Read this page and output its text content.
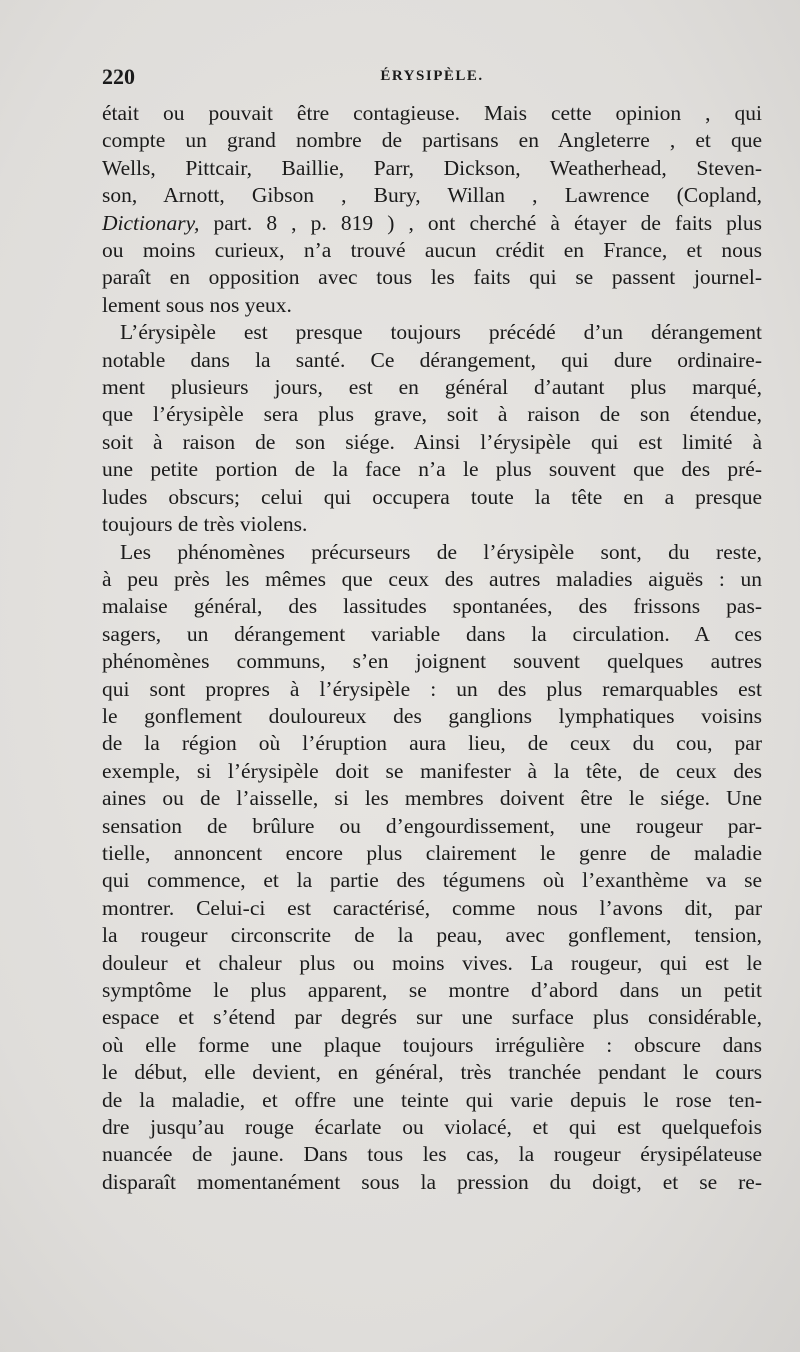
220	ÉRYSIPÈLE.
était ou pouvait être contagieuse. Mais cette opinion , qui
compte un grand nombre de partisans en Angleterre , et que
Wells, Pittcair, Baillie, Parr, Dickson, Weatherhead, Steven-
son, Arnott, Gibson , Bury, Willan , Lawrence (Copland,
Dictionary, part. 8 , p. 819 ) , ont cherché à étayer de faits plus
ou moins curieux, n’a trouvé aucun crédit en France, et nous
paraît en opposition avec tous les faits qui se passent journel-
lement sous nos yeux.
L’érysipèle est presque toujours précédé d’un dérangement
notable dans la santé. Ce dérangement, qui dure ordinaire-
ment plusieurs jours, est en général d’autant plus marqué,
que l’érysipèle sera plus grave, soit à raison de son étendue,
soit à raison de son siége. Ainsi l’érysipèle qui est limité à
une petite portion de la face n’a le plus souvent que des pré-
ludes obscurs; celui qui occupera toute la tête en a presque
toujours de très violens.
Les phénomènes précurseurs de l’érysipèle sont, du reste,
à peu près les mêmes que ceux des autres maladies aiguës : un
malaise général, des lassitudes spontanées, des frissons pas-
sagers, un dérangement variable dans la circulation. A ces
phénomènes communs, s’en joignent souvent quelques autres
qui sont propres à l’érysipèle : un des plus remarquables est
le gonflement douloureux des ganglions lymphatiques voisins
de la région où l’éruption aura lieu, de ceux du cou, par
exemple, si l’érysipèle doit se manifester à la tête, de ceux des
aines ou de l’aisselle, si les membres doivent être le siége. Une
sensation de brûlure ou d’engourdissement, une rougeur par-
tielle, annoncent encore plus clairement le genre de maladie
qui commence, et la partie des tégumens où l’exanthème va se
montrer. Celui-ci est caractérisé, comme nous l’avons dit, par
la rougeur circonscrite de la peau, avec gonflement, tension,
douleur et chaleur plus ou moins vives. La rougeur, qui est le
symptôme le plus apparent, se montre d’abord dans un petit
espace et s’étend par degrés sur une surface plus considérable,
où elle forme une plaque toujours irrégulière : obscure dans
le début, elle devient, en général, très tranchée pendant le cours
de la maladie, et offre une teinte qui varie depuis le rose ten-
dre jusqu’au rouge écarlate ou violacé, et qui est quelquefois
nuancée de jaune. Dans tous les cas, la rougeur érysipélateuse
disparaît momentanément sous la pression du doigt, et se re-
